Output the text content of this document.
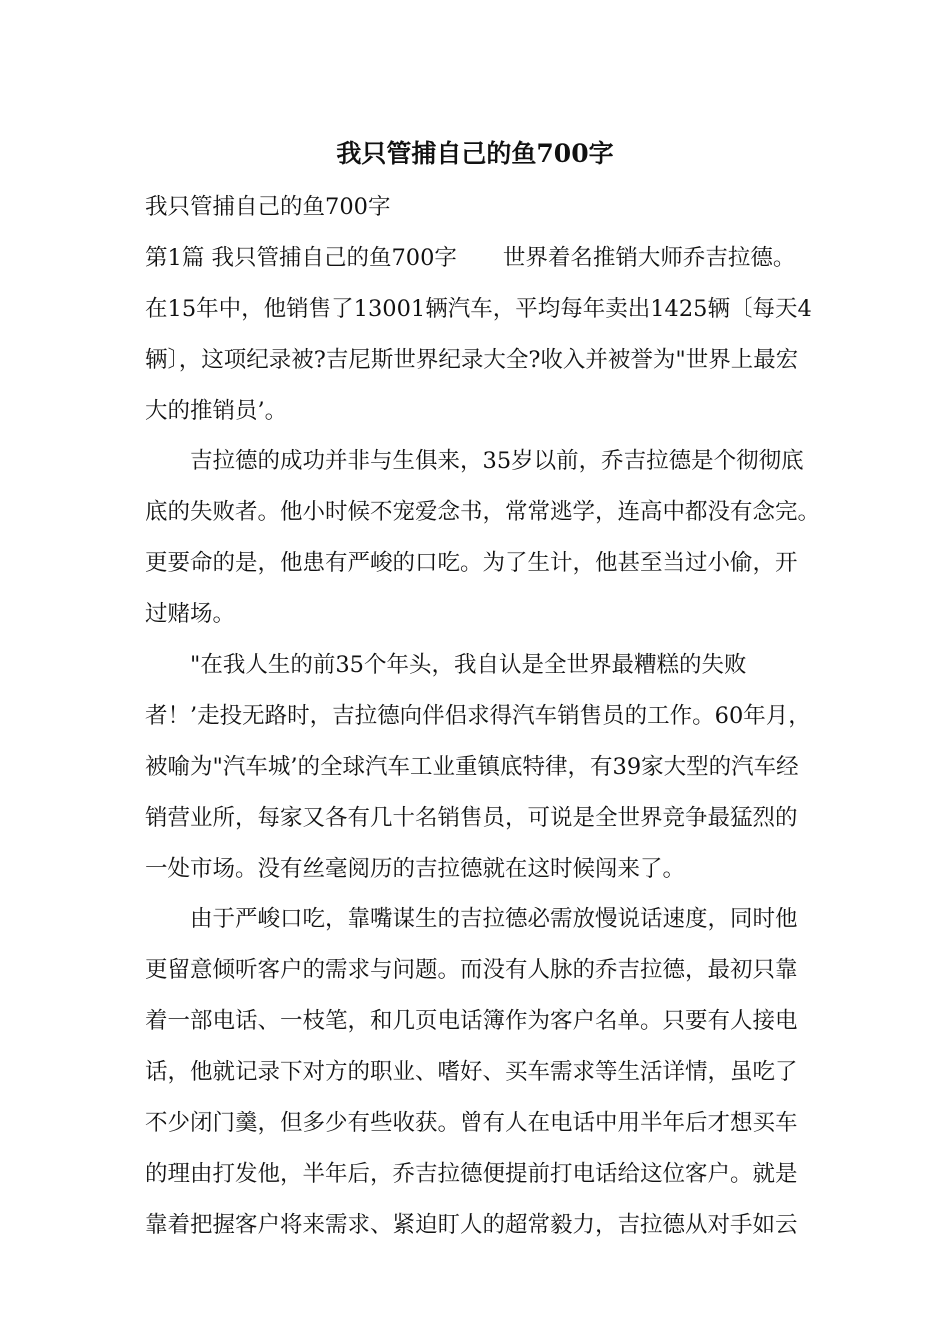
我只管捕自己的鱼700字

我只管捕自己的鱼700字

第1篇 我只管捕自己的鱼700字 世界着名推销大师乔吉拉德。

在15年中，他销售了13001辆汽车，平均每年卖出1425辆〔每天4

辆〕，这项纪录被?吉尼斯世界纪录大全?收入并被誉为"世界上最宏

大的推销员’。

吉拉德的成功并非与生俱来，35岁以前，乔吉拉德是个彻彻底

底的失败者。他小时候不宠爱念书，常常逃学，连高中都没有念完。

更要命的是，他患有严峻的口吃。为了生计，他甚至当过小偷，开

过赌场。

"在我人生的前35个年头，我自认是全世界最糟糕的失败

者！’走投无路时，吉拉德向伴侣求得汽车销售员的工作。60年月，

被喻为"汽车城’的全球汽车工业重镇底特律，有39家大型的汽车经

销营业所，每家又各有几十名销售员，可说是全世界竞争最猛烈的

一处市场。没有丝毫阅历的吉拉德就在这时候闯来了。

由于严峻口吃，靠嘴谋生的吉拉德必需放慢说话速度，同时他

更留意倾听客户的需求与问题。而没有人脉的乔吉拉德，最初只靠

着一部电话、一枝笔，和几页电话簿作为客户名单。只要有人接电

话，他就记录下对方的职业、嗜好、买车需求等生活详情，虽吃了

不少闭门羹，但多少有些收获。曾有人在电话中用半年后才想买车

的理由打发他，半年后，乔吉拉德便提前打电话给这位客户。就是

靠着把握客户将来需求、紧迫盯人的超常毅力，吉拉德从对手如云
